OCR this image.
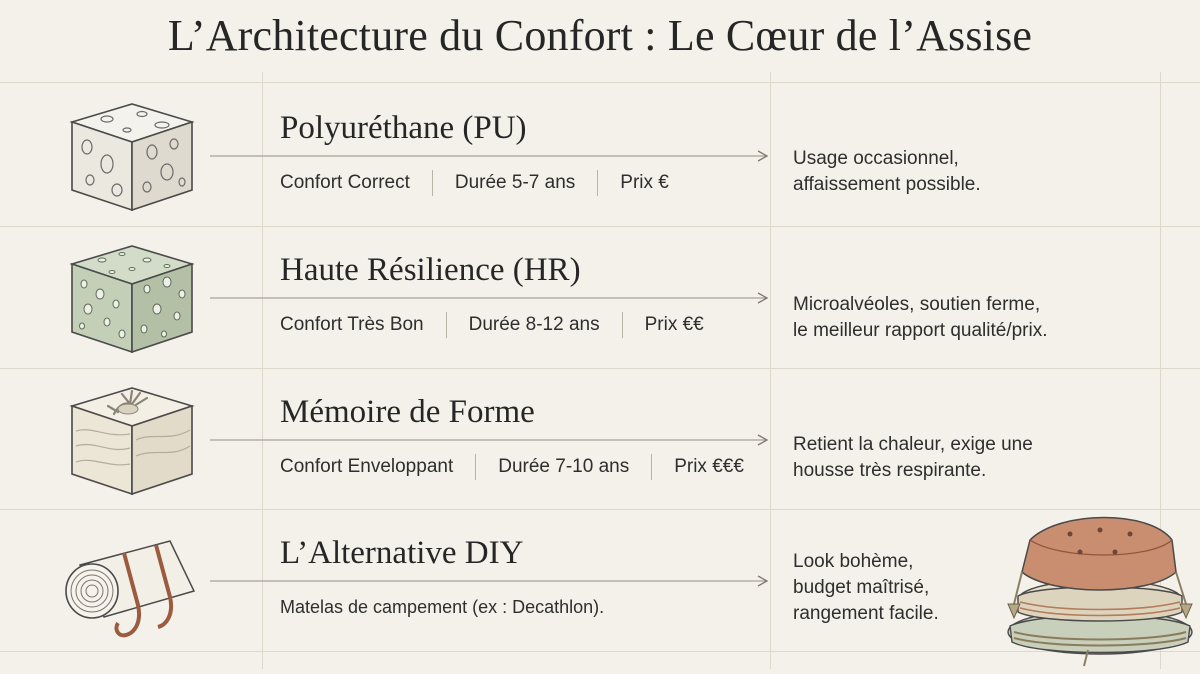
L’Architecture du Confort : Le Cœur de l’Assise
Polyuréthane (PU)
Confort Correct Durée 5-7 ans Prix €
Usage occasionnel,
affaissement possible.
Haute Résilience (HR)
Confort Très Bon Durée 8-12 ans Prix €€
Microalvéoles, soutien ferme,
le meilleur rapport qualité/prix.
Mémoire de Forme
Confort Enveloppant Durée 7-10 ans Prix €€€
Retient la chaleur, exige une
housse très respirante.
L’Alternative DIY
Matelas de campement (ex : Decathlon).
Look bohème,
budget maîtrisé,
rangement facile.
